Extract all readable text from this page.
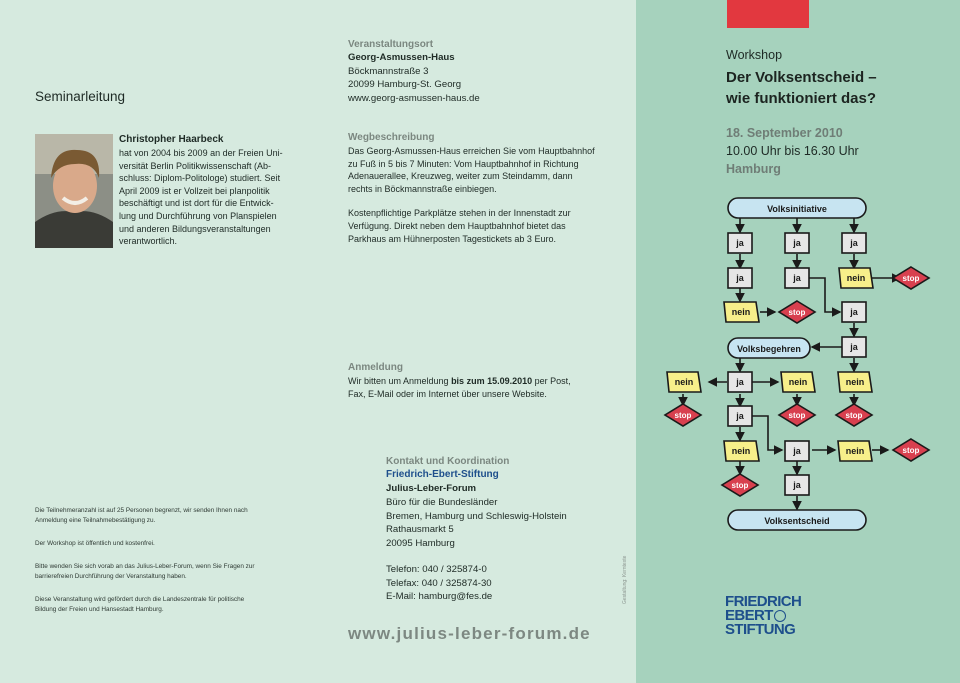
Seminarleitung
Christopher Haarbeck
hat von 2004 bis 2009 an der Freien Uni-
versität Berlin Politikwissenschaft (Ab-
schluss: Diplom-Politologe) studiert. Seit
April 2009 ist er Vollzeit bei planpolitik
beschäftigt und ist dort für die Entwick-
lung und Durchführung von Planspielen
und anderen Bildungsveranstaltungen
verantwortlich.
Die Teilnehmeranzahl ist auf 25 Personen begrenzt, wir senden Ihnen nach
Anmeldung eine Teilnahmebestätigung zu.
Der Workshop ist öffentlich und kostenfrei.
Bitte wenden Sie sich vorab an das Julius-Leber-Forum, wenn Sie Fragen zur
barrierefreien Durchführung der Veranstaltung haben.
Diese Veranstaltung wird gefördert durch die Landeszentrale für politische
Bildung der Freien und Hansestadt Hamburg.
Veranstaltungsort
Georg-Asmussen-Haus
Böckmannstraße 3
20099 Hamburg-St. Georg
www.georg-asmussen-haus.de
Wegbeschreibung
Das Georg-Asmussen-Haus erreichen Sie vom Hauptbahnhof
zu Fuß in 5 bis 7 Minuten: Vom Hauptbahnhof in Richtung
Adenauerallee, Kreuzweg, weiter zum Steindamm, dann
rechts in Böckmannstraße einbiegen.
Kostenpflichtige Parkplätze stehen in der Innenstadt zur
Verfügung. Direkt neben dem Hauptbahnhof bietet das
Parkhaus am Hühnerposten Tagestickets ab 3 Euro.
Anmeldung
Wir bitten um Anmeldung bis zum 15.09.2010 per Post,
Fax, E-Mail oder im Internet über unsere Website.
Kontakt und Koordination
Friedrich-Ebert-Stiftung
Julius-Leber-Forum
Büro für die Bundesländer
Bremen, Hamburg und Schleswig-Holstein
Rathausmarkt 5
20095 Hamburg
Telefon: 040 / 325874-0
Telefax: 040 / 325874-30
E-Mail: hamburg@fes.de	Gestaltung: Kerntexte
www.julius-leber-forum.de
Workshop
Der Volksentscheid –
wie funktioniert das?
18. September 2010
10.00 Uhr bis 16.30 Uhr
Hamburg
Volksinitiative
Volksbegehren
Volksentscheid
ja	ja	ja
ja	ja
ja
ja
ja
ja
ja
ja
nein
nein
nein	nein	nein
nein	nein
stop
stop
stop	stop	stop
stop
stop
FRIEDRICH
EBERT
STIFTUNG
